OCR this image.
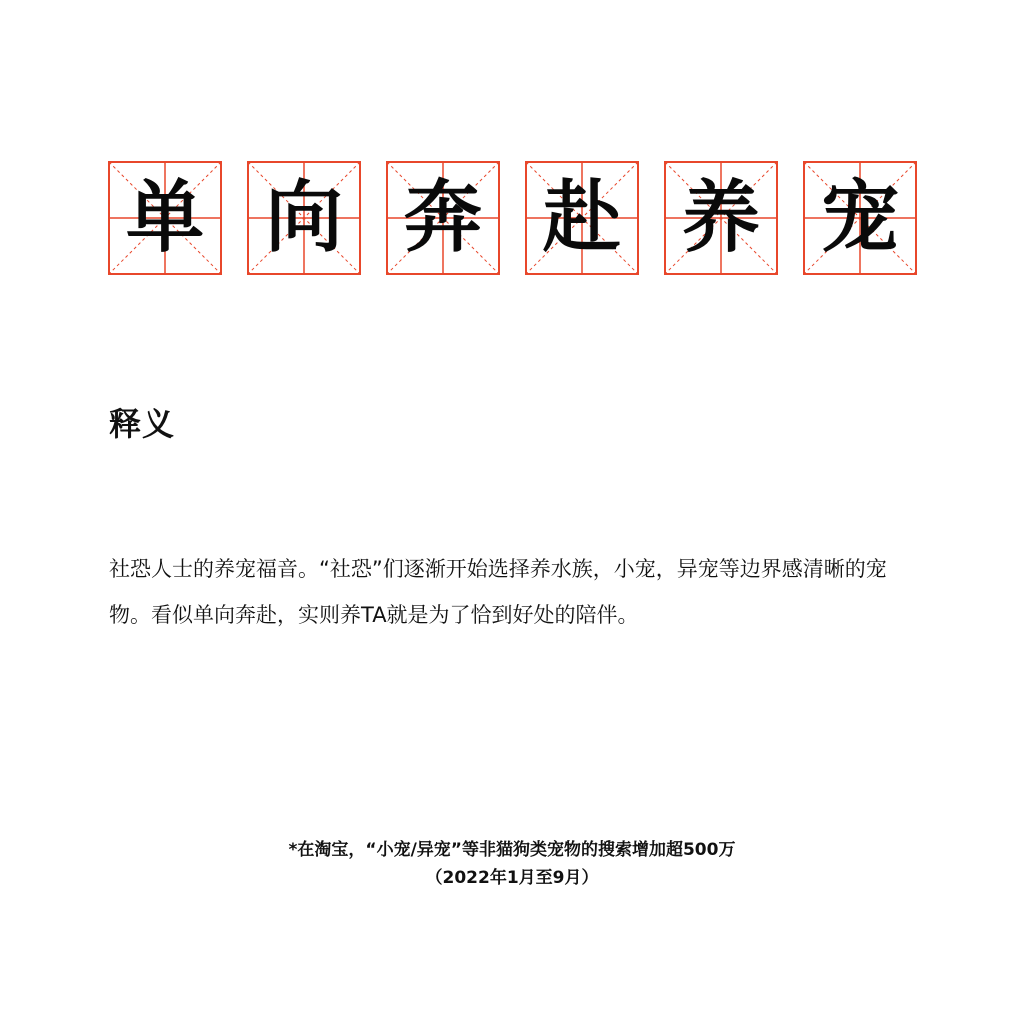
单 向 奔 赴 养 宠
释义

社恐人士的养宠福音。“社恐”们逐渐开始选择养水族，小宠，异宠等边界感清晰的宠物。看似单向奔赴，实则养TA就是为了恰到好处的陪伴。

*在淘宝，“小宠/异宠”等非猫狗类宠物的搜索增加超500万
（2022年1月至9月）
